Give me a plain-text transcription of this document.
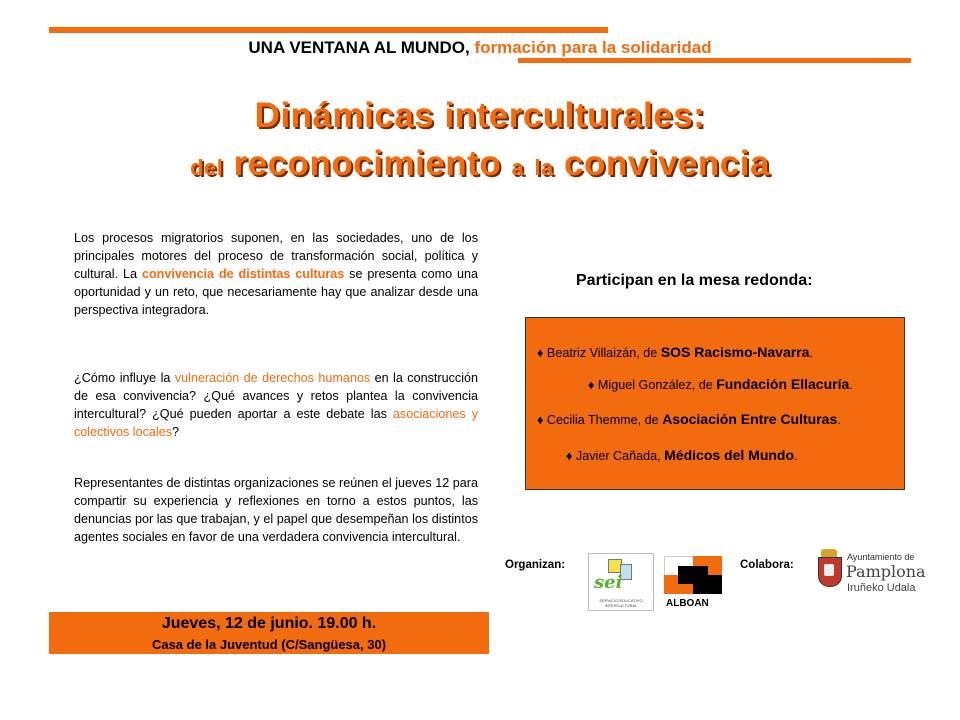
UNA VENTANA AL MUNDO, formación para la solidaridad
Dinámicas interculturales:
del reconocimiento a la convivencia
Los procesos migratorios suponen, en las sociedades, uno de los principales motores del proceso de transformación social, política y cultural. La convivencia de distintas culturas se presenta como una oportunidad y un reto, que necesariamente hay que analizar desde una perspectiva integradora.
¿Cómo influye la vulneración de derechos humanos en la construcción de esa convivencia? ¿Qué avances y retos plantea la convivencia intercultural? ¿Qué pueden aportar a este debate las asociaciones y colectivos locales?
Representantes de distintas organizaciones se reúnen el jueves 12 para compartir su experiencia y reflexiones en torno a estos puntos, las denuncias por las que trabajan, y el papel que desempeñan los distintos agentes sociales en favor de una verdadera convivencia intercultural.
Participan en la mesa redonda:
♦ Beatriz Villaizán, de SOS Racismo-Navarra.
♦ Miguel González, de Fundación Ellacuría.
♦ Cecilia Themme, de Asociación Entre Culturas.
♦ Javier Cañada, Médicos del Mundo.
Organizan:
sei
SERVICIO EDUCATIVO INTERCULTURAL	ALBOAN
Colabora:
Ayuntamiento de
Pamplona
Iruñeko Udala
Jueves, 12 de junio. 19.00 h.
Casa de la Juventud (C/Sangüesa, 30)
